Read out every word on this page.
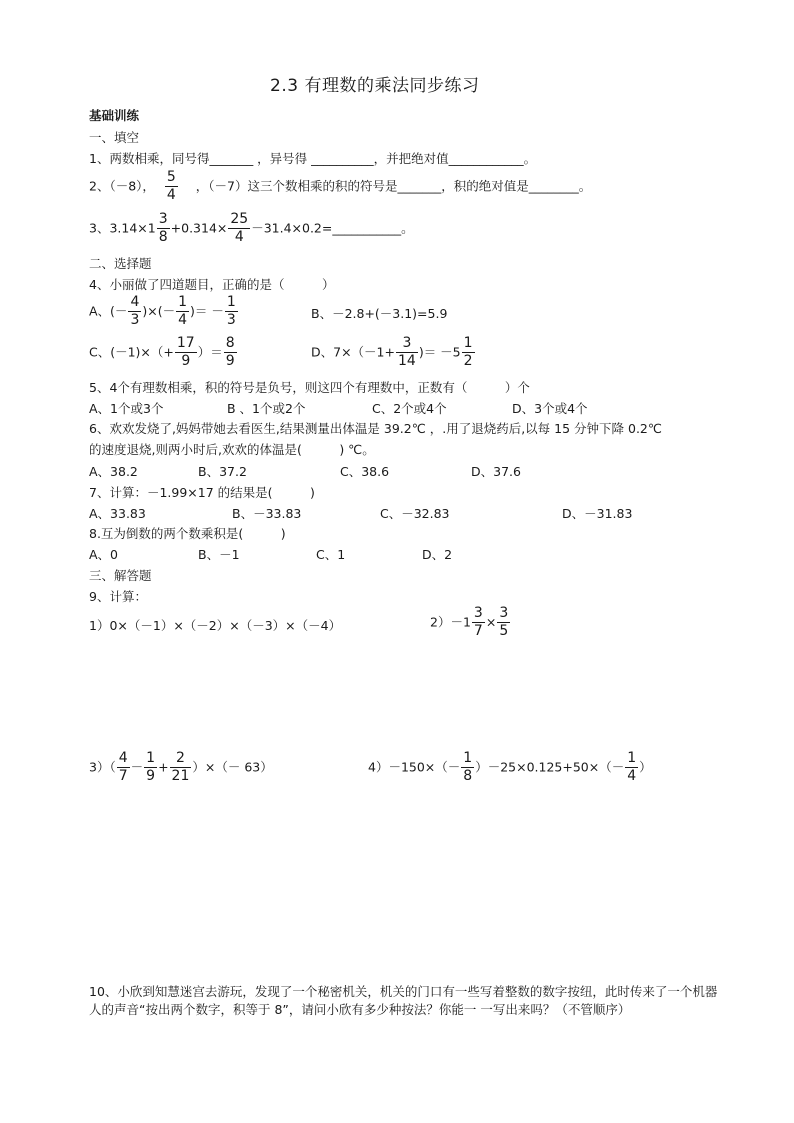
2.3 有理数的乘法同步练习
基础训练
一、填空
1、两数相乘，同号得_______ ，异号得 __________，并把绝对值____________。
2、（－8）， $\frac{5}{4}$ ，（－7）这三个数相乘的积的符号是_______，积的绝对值是________。
3、$3.14\times 1 \frac{3}{8} +0.314\times \frac{25}{4}$ －31.4×0.2=___________。
二、选择题
4、小丽做了四道题目，正确的是（　　　）
A、(－ $\frac{4}{3}$ )×(－ $\frac{1}{4}$ )＝ － $\frac{1}{3}$	B、－2.8+(－3.1)=5.9
C、$(-1)\times(+ \frac{17}{9}$ ）＝ $\frac{8}{9}$	D、$7\times(-1+ \frac{3}{14}$ )＝ $-5 \frac{1}{2}$
5、4个有理数相乘，积的符号是负号，则这四个有理数中，正数有（　　　）个
A、1个或3个	B 、1个或2个	C、2个或4个	D、3个或4个
6、欢欢发烧了,妈妈带她去看医生,结果测量出体温是 39.2℃ ，.用了退烧药后,以每 15 分钟下降 0.2℃
的速度退烧,则两小时后,欢欢的体温是(　　　) ℃。
A、38.2	B、37.2	C、38.6	D、37.6
7、计算：－1.99×17 的结果是(　　　)
A、33.83	B、－33.83	C、－32.83	D、－31.83
8.互为倒数的两个数乘积是(　　　)
A、0	B、－1	C、1	D、2
三、解答题
9、计算：
1）0×（－1）×（－2）×（－3）×（－4）	$2)-1 \frac{3}{7} \times \frac{3}{5}$
$3)( \frac{4}{7} - \frac{1}{9} + \frac{2}{21}$ ）×（－ 63）	$4)-150\times(- \frac{1}{8} )-25\times 0.125+50\times(- \frac{1}{4}$ ）
10、小欣到知慧迷宫去游玩，发现了一个秘密机关，机关的门口有一些写着整数的数字按纽，此时传来了一个机器人的声音“按出两个数字，积等于 8”，请问小欣有多少种按法？你能一 一写出来吗？（不管顺序）
